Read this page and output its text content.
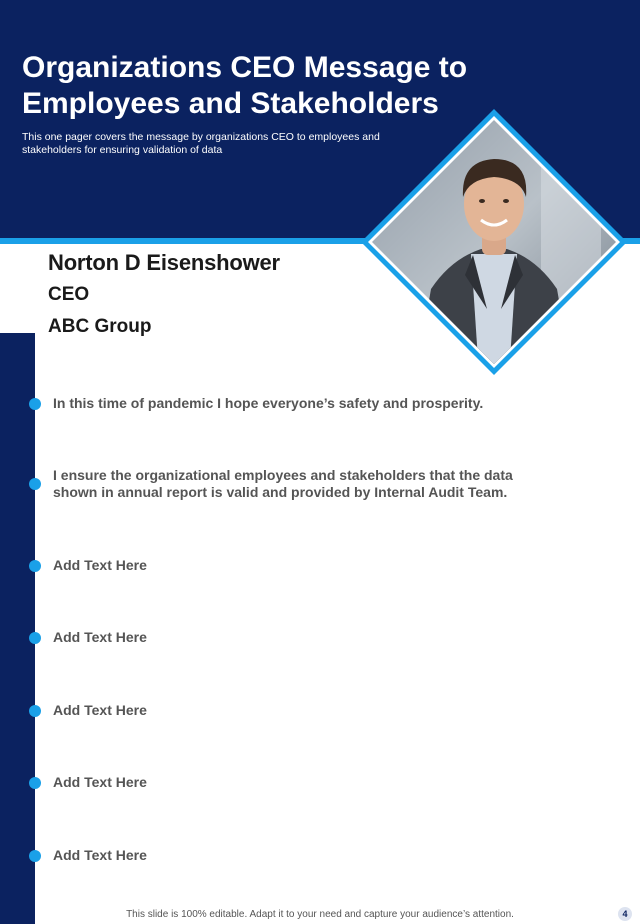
Organizations CEO Message to Employees and Stakeholders

This one pager covers the message by organizations CEO to employees and stakeholders for ensuring validation of data

Norton D Eisenshower

CEO

ABC Group

In this time of pandemic I hope everyone’s safety and prosperity.

I ensure the organizational employees and stakeholders that the data shown in annual report is valid and provided by Internal Audit Team.

Add Text Here

Add Text Here

Add Text Here

Add Text Here

Add Text Here

This slide is 100% editable. Adapt it to your need and capture your audience’s attention.	4
